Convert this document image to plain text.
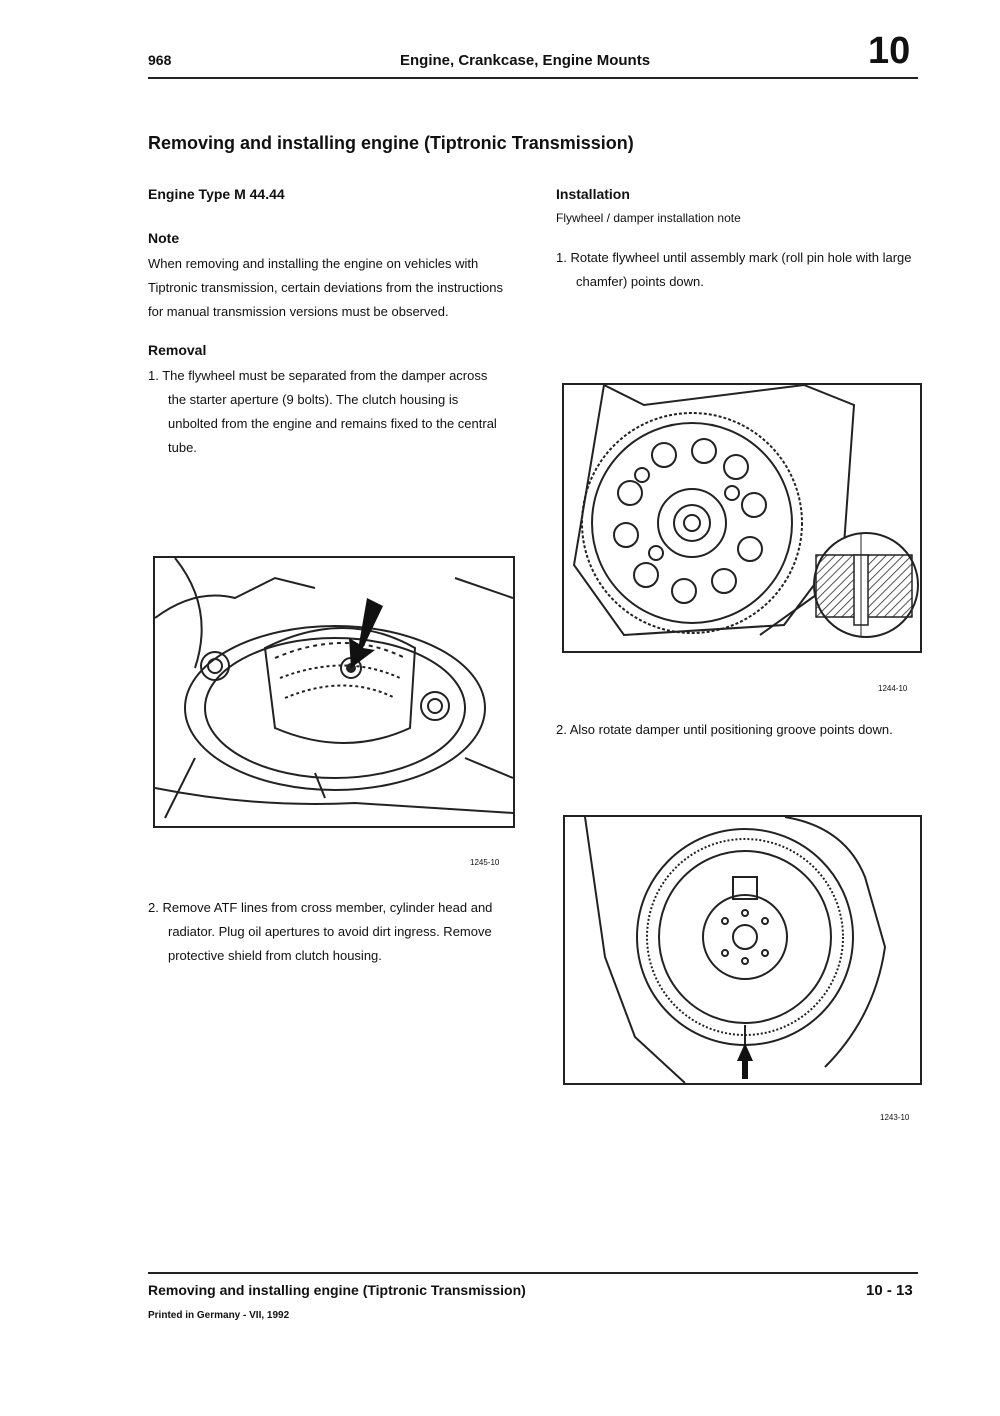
968	Engine, Crankcase, Engine Mounts	10
Removing and installing engine (Tiptronic Transmission)
Engine Type M 44.44
Note
When removing and installing the engine on vehicles with Tiptronic transmission, certain deviations from the instructions for manual transmission versions must be observed.
Removal
1. The flywheel must be separated from the damper across the starter aperture (9 bolts). The clutch housing is unbolted from the engine and remains fixed to the central tube.
1245-10
2. Remove ATF lines from cross member, cylinder head and radiator. Plug oil apertures to avoid dirt ingress. Remove protective shield from clutch housing.
Installation
Flywheel / damper installation note
1. Rotate flywheel until assembly mark (roll pin hole with large chamfer) points down.
1244-10
2. Also rotate damper until positioning groove points down.
1243-10
Removing and installing engine (Tiptronic Transmission)	10 - 13
Printed in Germany - VII, 1992
